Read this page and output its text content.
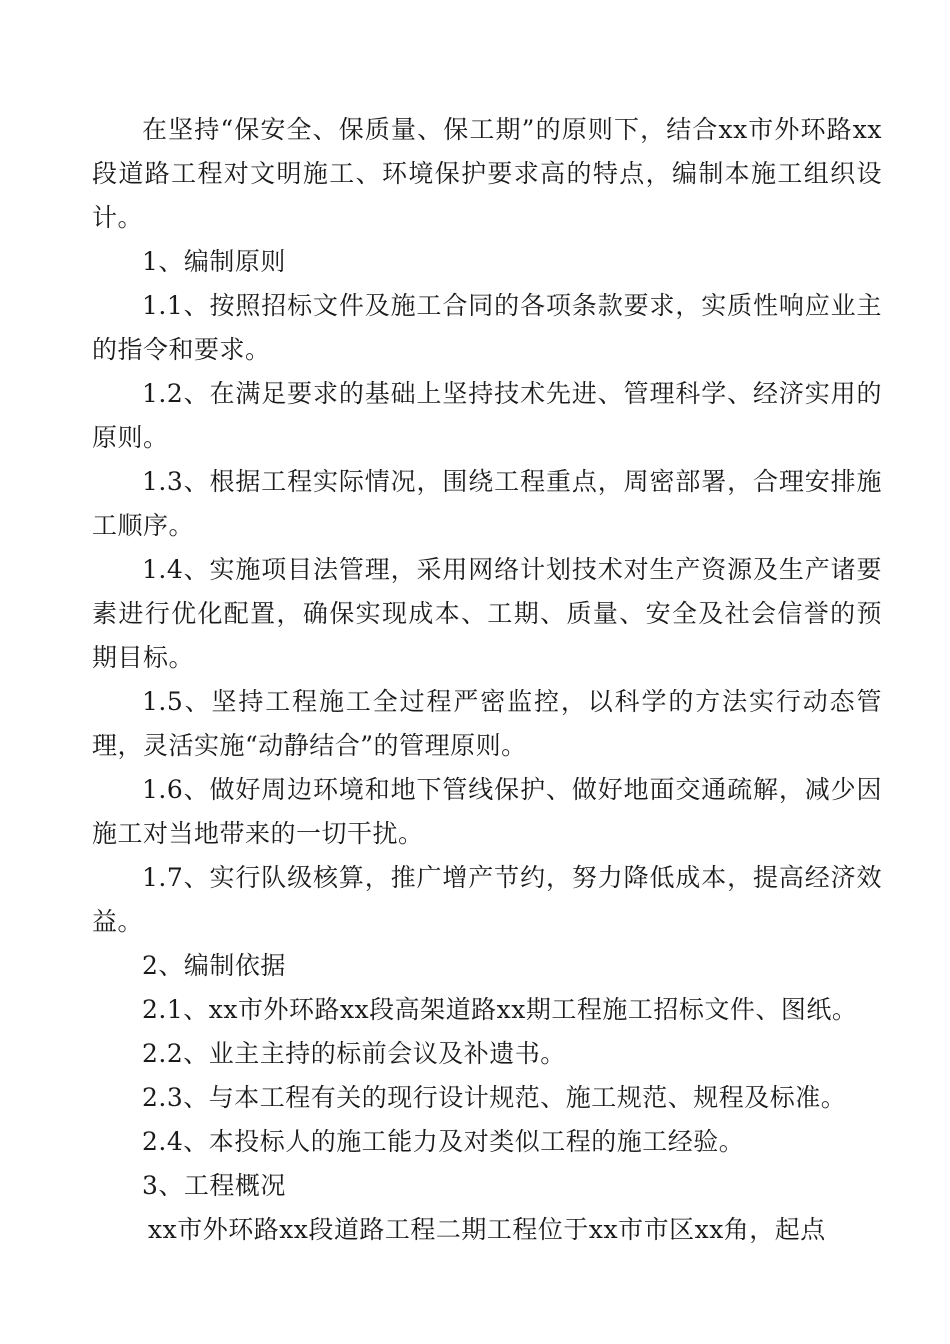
在坚持“保安全、保质量、保工期”的原则下，结合xx市外环路xx段道路工程对文明施工、环境保护要求高的特点，编制本施工组织设计。

1、编制原则

1.1、按照招标文件及施工合同的各项条款要求，实质性响应业主的指令和要求。

1.2、在满足要求的基础上坚持技术先进、管理科学、经济实用的原则。

1.3、根据工程实际情况，围绕工程重点，周密部署，合理安排施工顺序。

1.4、实施项目法管理，采用网络计划技术对生产资源及生产诸要素进行优化配置，确保实现成本、工期、质量、安全及社会信誉的预期目标。

1.5、坚持工程施工全过程严密监控，以科学的方法实行动态管理，灵活实施“动静结合”的管理原则。

1.6、做好周边环境和地下管线保护、做好地面交通疏解，减少因施工对当地带来的一切干扰。

1.7、实行队级核算，推广增产节约，努力降低成本，提高经济效益。

2、编制依据

2.1、xx市外环路xx段高架道路xx期工程施工招标文件、图纸。

2.2、业主主持的标前会议及补遗书。

2.3、与本工程有关的现行设计规范、施工规范、规程及标准。

2.4、本投标人的施工能力及对类似工程的施工经验。

3、工程概况

xx市外环路xx段道路工程二期工程位于xx市市区xx角，起点
